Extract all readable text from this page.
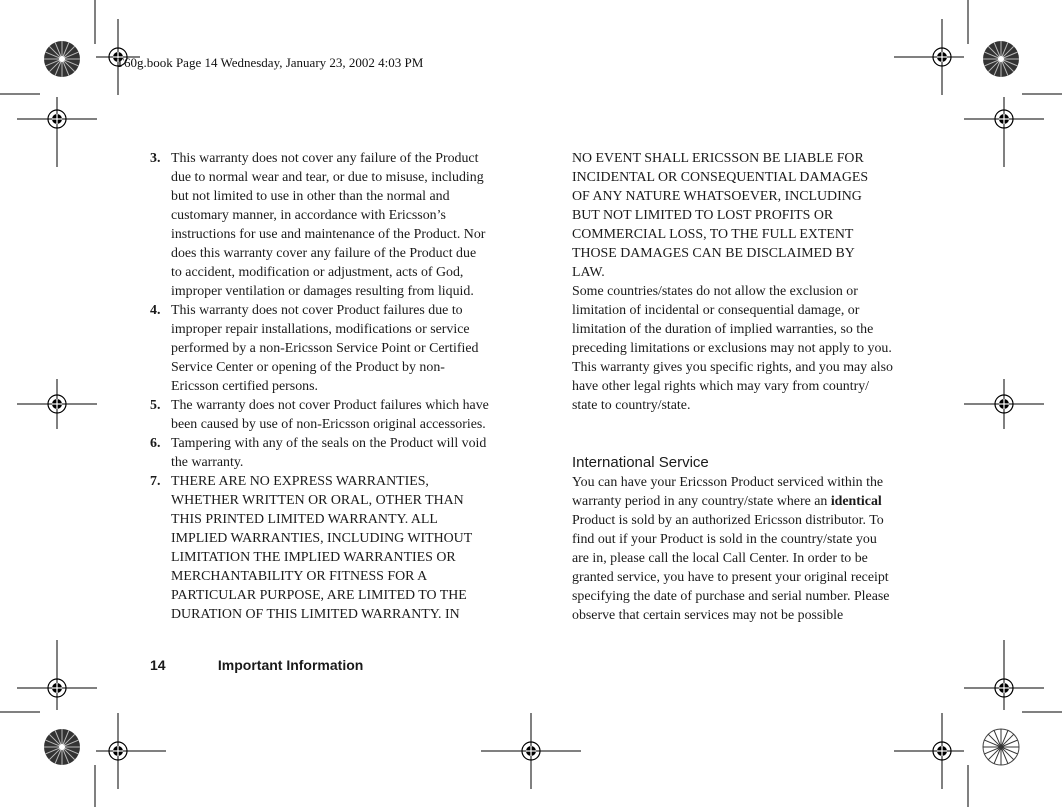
T60g.book Page 14 Wednesday, January 23, 2002 4:03 PM
3. This warranty does not cover any failure of the Product
due to normal wear and tear, or due to misuse, including
but not limited to use in other than the normal and
customary manner, in accordance with Ericsson’s
instructions for use and maintenance of the Product. Nor
does this warranty cover any failure of the Product due
to accident, modification or adjustment, acts of God,
improper ventilation or damages resulting from liquid.
4. This warranty does not cover Product failures due to
improper repair installations, modifications or service
performed by a non-Ericsson Service Point or Certified
Service Center or opening of the Product by non-
Ericsson certified persons.
5. The warranty does not cover Product failures which have
been caused by use of non-Ericsson original accessories.
6. Tampering with any of the seals on the Product will void
the warranty.
7. THERE ARE NO EXPRESS WARRANTIES,
WHETHER WRITTEN OR ORAL, OTHER THAN
THIS PRINTED LIMITED WARRANTY. ALL
IMPLIED WARRANTIES, INCLUDING WITHOUT
LIMITATION THE IMPLIED WARRANTIES OR
MERCHANTABILITY OR FITNESS FOR A
PARTICULAR PURPOSE, ARE LIMITED TO THE
DURATION OF THIS LIMITED WARRANTY. IN
NO EVENT SHALL ERICSSON BE LIABLE FOR
INCIDENTAL OR CONSEQUENTIAL DAMAGES
OF ANY NATURE WHATSOEVER, INCLUDING
BUT NOT LIMITED TO LOST PROFITS OR
COMMERCIAL LOSS, TO THE FULL EXTENT
THOSE DAMAGES CAN BE DISCLAIMED BY
LAW.
Some countries/states do not allow the exclusion or
limitation of incidental or consequential damage, or
limitation of the duration of implied warranties, so the
preceding limitations or exclusions may not apply to you.
This warranty gives you specific rights, and you may also
have other legal rights which may vary from country/
state to country/state.
International Service
You can have your Ericsson Product serviced within the
warranty period in any country/state where an identical
Product is sold by an authorized Ericsson distributor. To
find out if your Product is sold in the country/state you
are in, please call the local Call Center. In order to be
granted service, you have to present your original receipt
specifying the date of purchase and serial number. Please
observe that certain services may not be possible
14	Important Information
